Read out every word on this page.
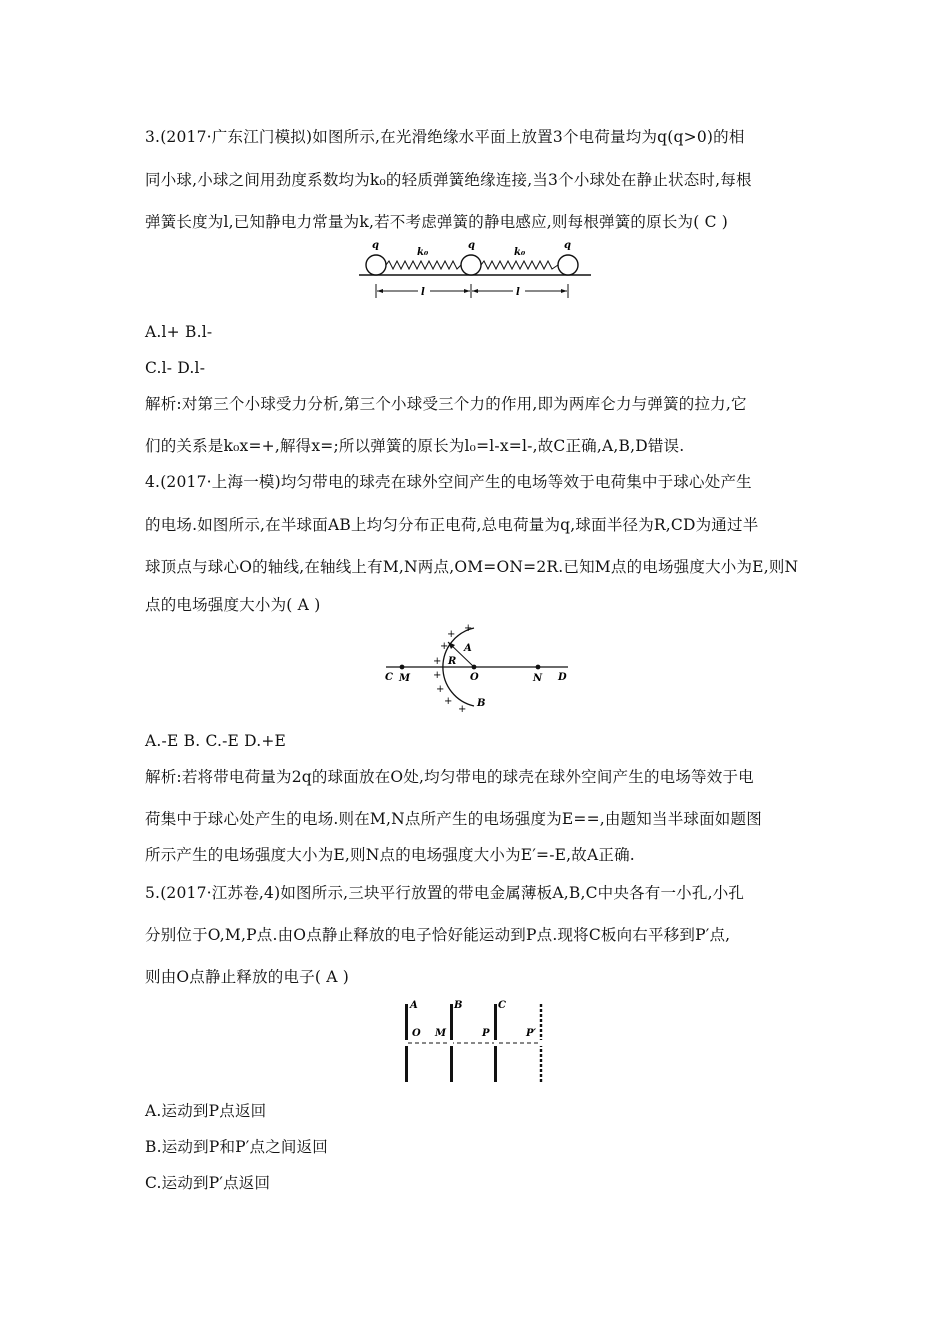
3.(2017·广东江门模拟)如图所示,在光滑绝缘水平面上放置3个电荷量均为q(q>0)的相
同小球,小球之间用劲度系数均为k₀的轻质弹簧绝缘连接,当3个小球处在静止状态时,每根
弹簧长度为l,已知静电力常量为k,若不考虑弹簧的静电感应,则每根弹簧的原长为( C )
q	q	q
k₀	k₀
l	l
A.l+ B.l-
C.l- D.l-
解析:对第三个小球受力分析,第三个小球受三个力的作用,即为两库仑力与弹簧的拉力,它
们的关系是k₀x=+,解得x=;所以弹簧的原长为l₀=l-x=l-,故C正确,A,B,D错误.
4.(2017·上海一模)均匀带电的球壳在球外空间产生的电场等效于电荷集中于球心处产生
的电场.如图所示,在半球面AB上均匀分布正电荷,总电荷量为q,球面半径为R,CD为通过半
球顶点与球心O的轴线,在轴线上有M,N两点,OM=ON=2R.已知M点的电场强度大小为E,则N
点的电场强度大小为( A )
C M	O	N D
A
B
R
+
+
+
+
+
+
+
+
A.-E B. C.-E D.+E
解析:若将带电荷量为2q的球面放在O处,均匀带电的球壳在球外空间产生的电场等效于电
荷集中于球心处产生的电场.则在M,N点所产生的电场强度为E==,由题知当半球面如题图
所示产生的电场强度大小为E,则N点的电场强度大小为E′=-E,故A正确.
5.(2017·江苏卷,4)如图所示,三块平行放置的带电金属薄板A,B,C中央各有一小孔,小孔
分别位于O,M,P点.由O点静止释放的电子恰好能运动到P点.现将C板向右平移到P′点,
则由O点静止释放的电子( A )
A	B	C
O M	P	P′
A.运动到P点返回
B.运动到P和P′点之间返回
C.运动到P′点返回
